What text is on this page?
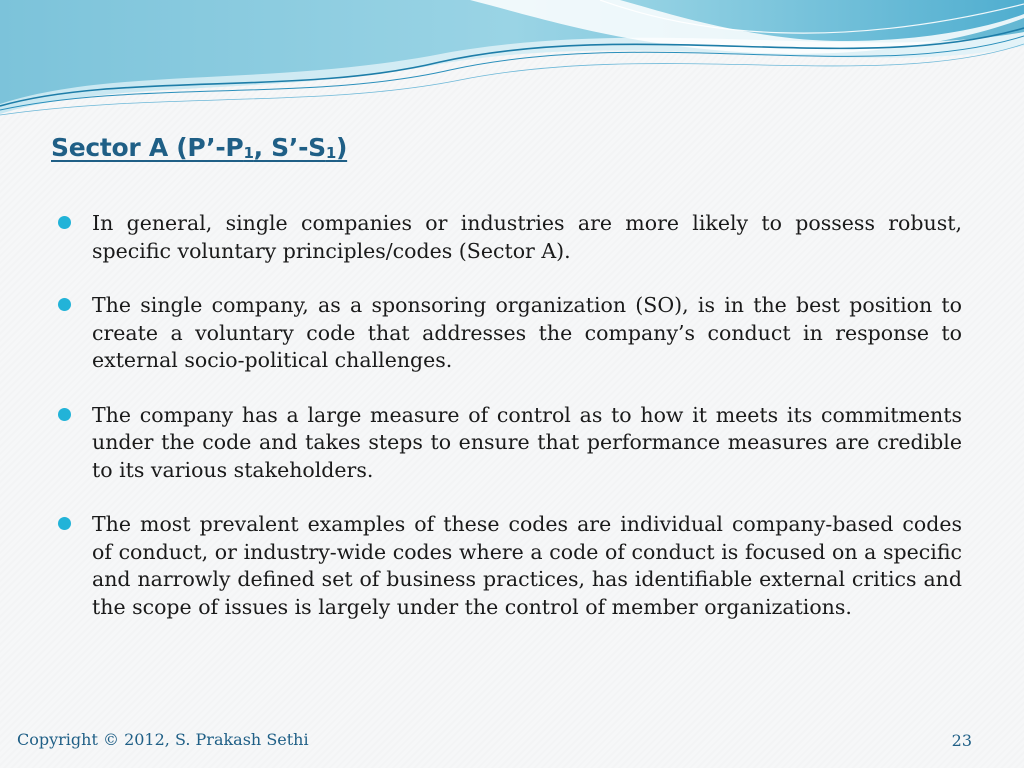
Sector A ($P’-P_1$, $S’-S_1$)
In general, single companies or industries are more likely to possess robust, specific voluntary principles/codes (Sector A).
The single company, as a sponsoring organization (SO), is in the best position to create a voluntary code that addresses the company’s conduct in response to external socio-political challenges.
The company has a large measure of control as to how it meets its commitments under the code and takes steps to ensure that performance measures are credible to its various stakeholders.
The most prevalent examples of these codes are individual company-based codes of conduct, or industry-wide codes where a code of conduct is focused on a specific and narrowly defined set of business practices, has identifiable external critics and the scope of issues is largely under the control of member organizations.
Copyright © 2012, S. Prakash Sethi	23
